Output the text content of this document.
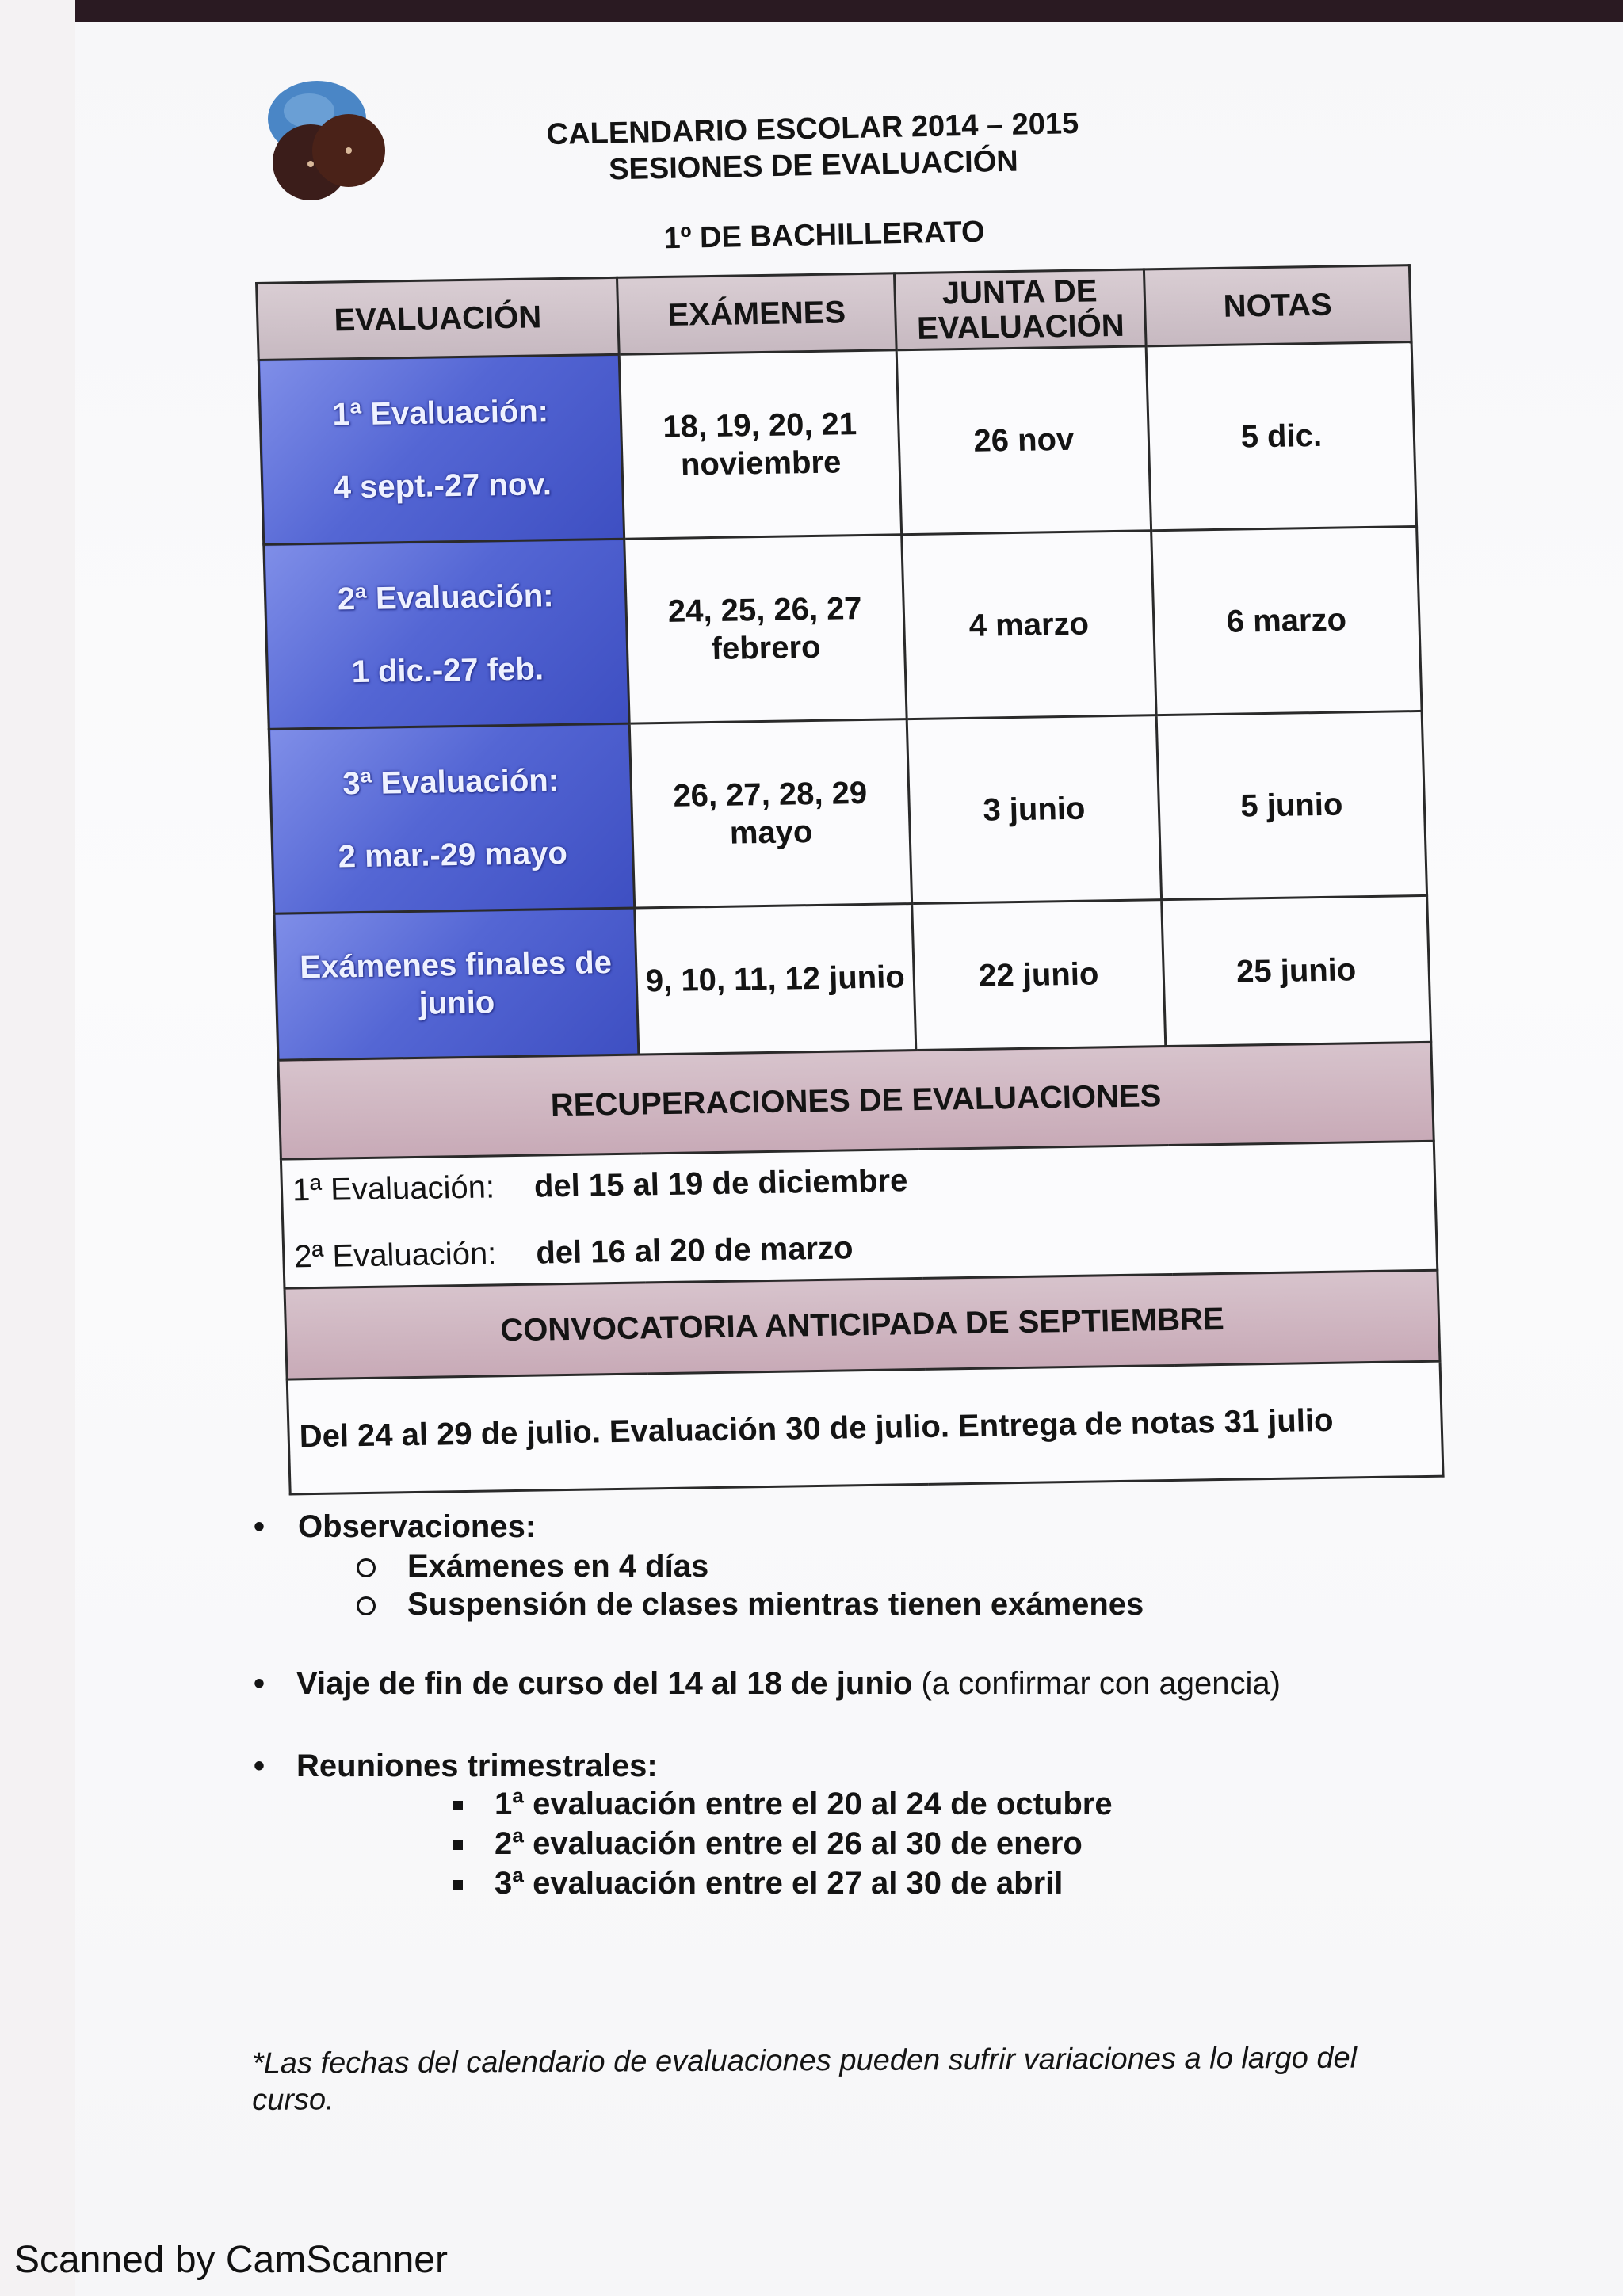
CALENDARIO ESCOLAR 2014 – 2015
SESIONES DE EVALUACIÓN
1º DE BACHILLERATO
EVALUACIÓN	EXÁMENES	JUNTA DE EVALUACIÓN	NOTAS

1ª Evaluación:
4 sept.-27 nov.	18, 19, 20, 21 noviembre	26 nov	5 dic.

2ª Evaluación:
1 dic.-27 feb.	24, 25, 26, 27 febrero	4 marzo	6 marzo

3ª Evaluación:
2 mar.-29 mayo	26, 27, 28, 29 mayo	3 junio	5 junio
Exámenes finales de junio	9, 10, 11, 12 junio	22 junio	25 junio
RECUPERACIONES DE EVALUACIONES			

1ª Evaluación: del 15 al 19 de diciembre
2ª Evaluación: del 16 al 20 de marzo			

CONVOCATORIA ANTICIPADA DE SEPTIEMBRE			
Del 24 al 29 de julio. Evaluación 30 de julio. Entrega de notas 31 julio			
• Observaciones:
Exámenes en 4 días
Suspensión de clases mientras tienen exámenes
• Viaje de fin de curso del 14 al 18 de junio (a confirmar con agencia)
• Reuniones trimestrales:
1ª evaluación entre el 20 al 24 de octubre
2ª evaluación entre el 26 al 30 de enero
3ª evaluación entre el 27 al 30 de abril
*Las fechas del calendario de evaluaciones pueden sufrir variaciones a lo largo del curso.
Scanned by CamScanner
